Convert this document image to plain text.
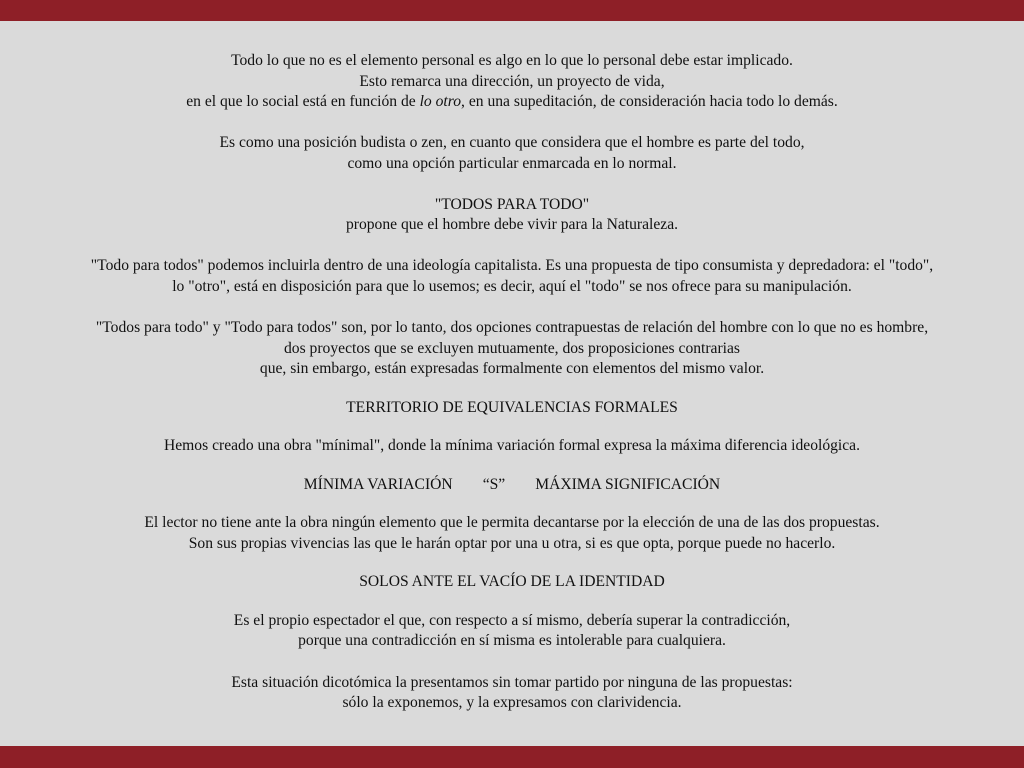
Todo lo que no es el elemento personal es algo en lo que lo personal debe estar implicado.
Esto remarca una dirección, un proyecto de vida,
en el que lo social está en función de lo otro, en una supeditación, de consideración hacia todo lo demás.

Es como una posición budista o zen, en cuanto que considera que el hombre es parte del todo,
como una opción particular enmarcada en lo normal.

"TODOS PARA TODO"
propone que el hombre debe vivir para la Naturaleza.

"Todo para todos" podemos incluirla dentro de una ideología capitalista. Es una propuesta de tipo consumista y depredadora: el "todo",
lo "otro", está en disposición para que lo usemos; es decir, aquí el "todo" se nos ofrece para su manipulación.

"Todos para todo" y "Todo para todos" son, por lo tanto, dos opciones contrapuestas de relación del hombre con lo que no es hombre,
dos proyectos que se excluyen mutuamente, dos proposiciones contrarias
que, sin embargo, están expresadas formalmente con elementos del mismo valor.

TERRITORIO DE EQUIVALENCIAS FORMALES

Hemos creado una obra "mínimal", donde la mínima variación formal expresa la máxima diferencia ideológica.

MÍNIMA VARIACIÓN “S” MÁXIMA SIGNIFICACIÓN

El lector no tiene ante la obra ningún elemento que le permita decantarse por la elección de una de las dos propuestas.
Son sus propias vivencias las que le harán optar por una u otra, si es que opta, porque puede no hacerlo.

SOLOS ANTE EL VACÍO DE LA IDENTIDAD

Es el propio espectador el que, con respecto a sí mismo, debería superar la contradicción,
porque una contradicción en sí misma es intolerable para cualquiera.

Esta situación dicotómica la presentamos sin tomar partido por ninguna de las propuestas:
sólo la exponemos, y la expresamos con clarividencia.
